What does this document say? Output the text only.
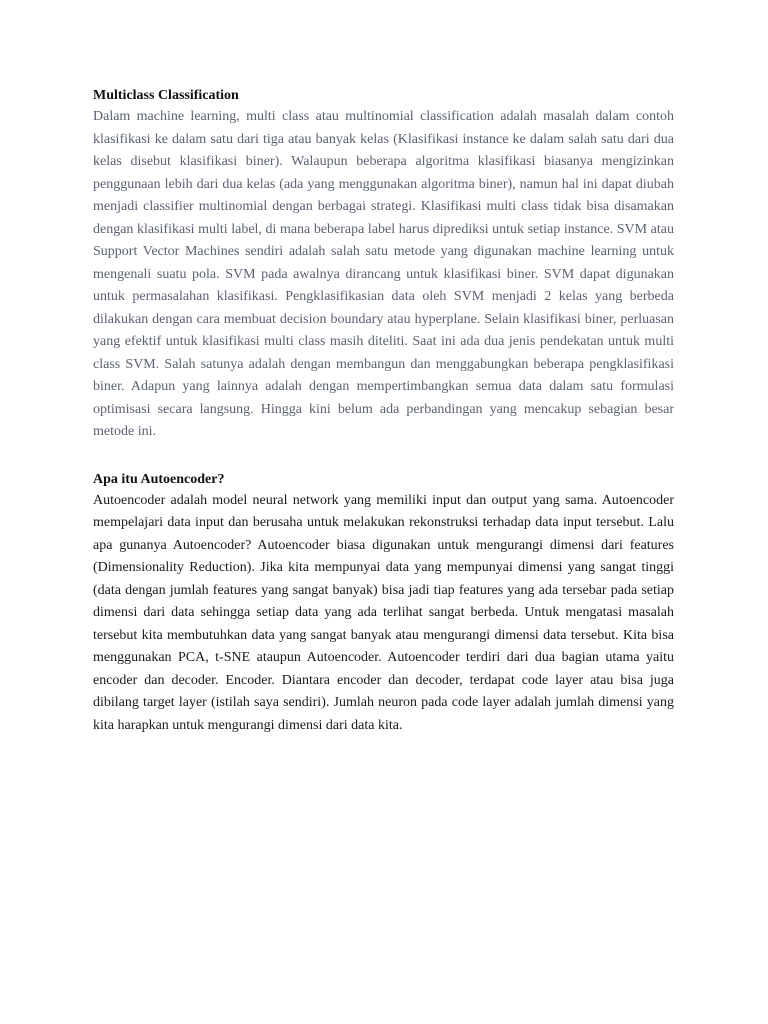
Multiclass Classification

Dalam machine learning, multi class atau multinomial classification adalah masalah dalam contoh klasifikasi ke dalam satu dari tiga atau banyak kelas (Klasifikasi instance ke dalam salah satu dari dua kelas disebut klasifikasi biner). Walaupun beberapa algoritma klasifikasi biasanya mengizinkan penggunaan lebih dari dua kelas (ada yang menggunakan algoritma biner), namun hal ini dapat diubah menjadi classifier multinomial dengan berbagai strategi. Klasifikasi multi class tidak bisa disamakan dengan klasifikasi multi label, di mana beberapa label harus diprediksi untuk setiap instance. SVM atau Support Vector Machines sendiri adalah salah satu metode yang digunakan machine learning untuk mengenali suatu pola. SVM pada awalnya dirancang untuk klasifikasi biner. SVM dapat digunakan untuk permasalahan klasifikasi. Pengklasifikasian data oleh SVM menjadi 2 kelas yang berbeda dilakukan dengan cara membuat decision boundary atau hyperplane. Selain klasifikasi biner, perluasan yang efektif untuk klasifikasi multi class masih diteliti. Saat ini ada dua jenis pendekatan untuk multi class SVM. Salah satunya adalah dengan membangun dan menggabungkan beberapa pengklasifikasi biner. Adapun yang lainnya adalah dengan mempertimbangkan semua data dalam satu formulasi optimisasi secara langsung. Hingga kini belum ada perbandingan yang mencakup sebagian besar metode ini.

Apa itu Autoencoder?

Autoencoder adalah model neural network yang memiliki input dan output yang sama. Autoencoder mempelajari data input dan berusaha untuk melakukan rekonstruksi terhadap data input tersebut. Lalu apa gunanya Autoencoder? Autoencoder biasa digunakan untuk mengurangi dimensi dari features (Dimensionality Reduction). Jika kita mempunyai data yang mempunyai dimensi yang sangat tinggi (data dengan jumlah features yang sangat banyak) bisa jadi tiap features yang ada tersebar pada setiap dimensi dari data sehingga setiap data yang ada terlihat sangat berbeda. Untuk mengatasi masalah tersebut kita membutuhkan data yang sangat banyak atau mengurangi dimensi data tersebut. Kita bisa menggunakan PCA, t-SNE ataupun Autoencoder. Autoencoder terdiri dari dua bagian utama yaitu encoder dan decoder. Encoder. Diantara encoder dan decoder, terdapat code layer atau bisa juga dibilang target layer (istilah saya sendiri). Jumlah neuron pada code layer adalah jumlah dimensi yang kita harapkan untuk mengurangi dimensi dari data kita.
